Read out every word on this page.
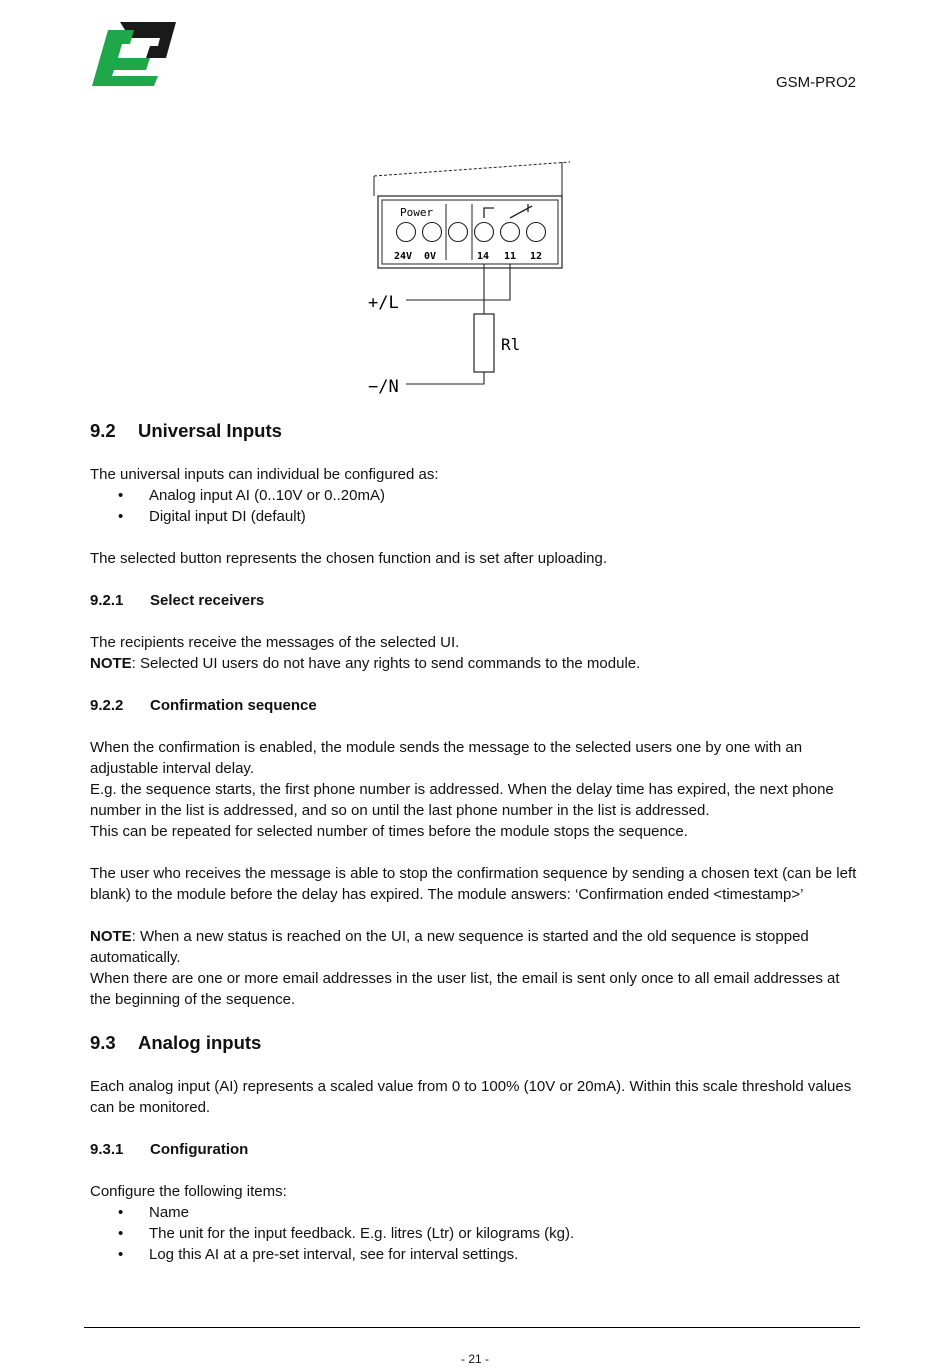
GSM-PRO2
Power
24V 0V	14 11 12
+/L
−/N
Rl
9.2 Universal Inputs

The universal inputs can individual be configured as:

• Analog input AI (0..10V or 0..20mA)
• Digital input DI (default)

The selected button represents the chosen function and is set after uploading.

9.2.1 Select receivers

The recipients receive the messages of the selected UI.

NOTE: Selected UI users do not have any rights to send commands to the module.

9.2.2 Confirmation sequence

When the confirmation is enabled, the module sends the message to the selected users one by one with an adjustable interval delay.

E.g. the sequence starts, the first phone number is addressed. When the delay time has expired, the next phone number in the list is addressed, and so on until the last phone number in the list is addressed.

This can be repeated for selected number of times before the module stops the sequence.

The user who receives the message is able to stop the confirmation sequence by sending a chosen text (can be left blank) to the module before the delay has expired. The module answers: ‘Confirmation ended <timestamp>’

NOTE: When a new status is reached on the UI, a new sequence is started and the old sequence is stopped automatically.

When there are one or more email addresses in the user list, the email is sent only once to all email addresses at the beginning of the sequence.

9.3 Analog inputs

Each analog input (AI) represents a scaled value from 0 to 100% (10V or 20mA). Within this scale threshold values can be monitored.

9.3.1 Configuration

Configure the following items:

• Name
• The unit for the input feedback. E.g. litres (Ltr) or kilograms (kg).
• Log this AI at a pre-set interval, see for interval settings.
- 21 -
